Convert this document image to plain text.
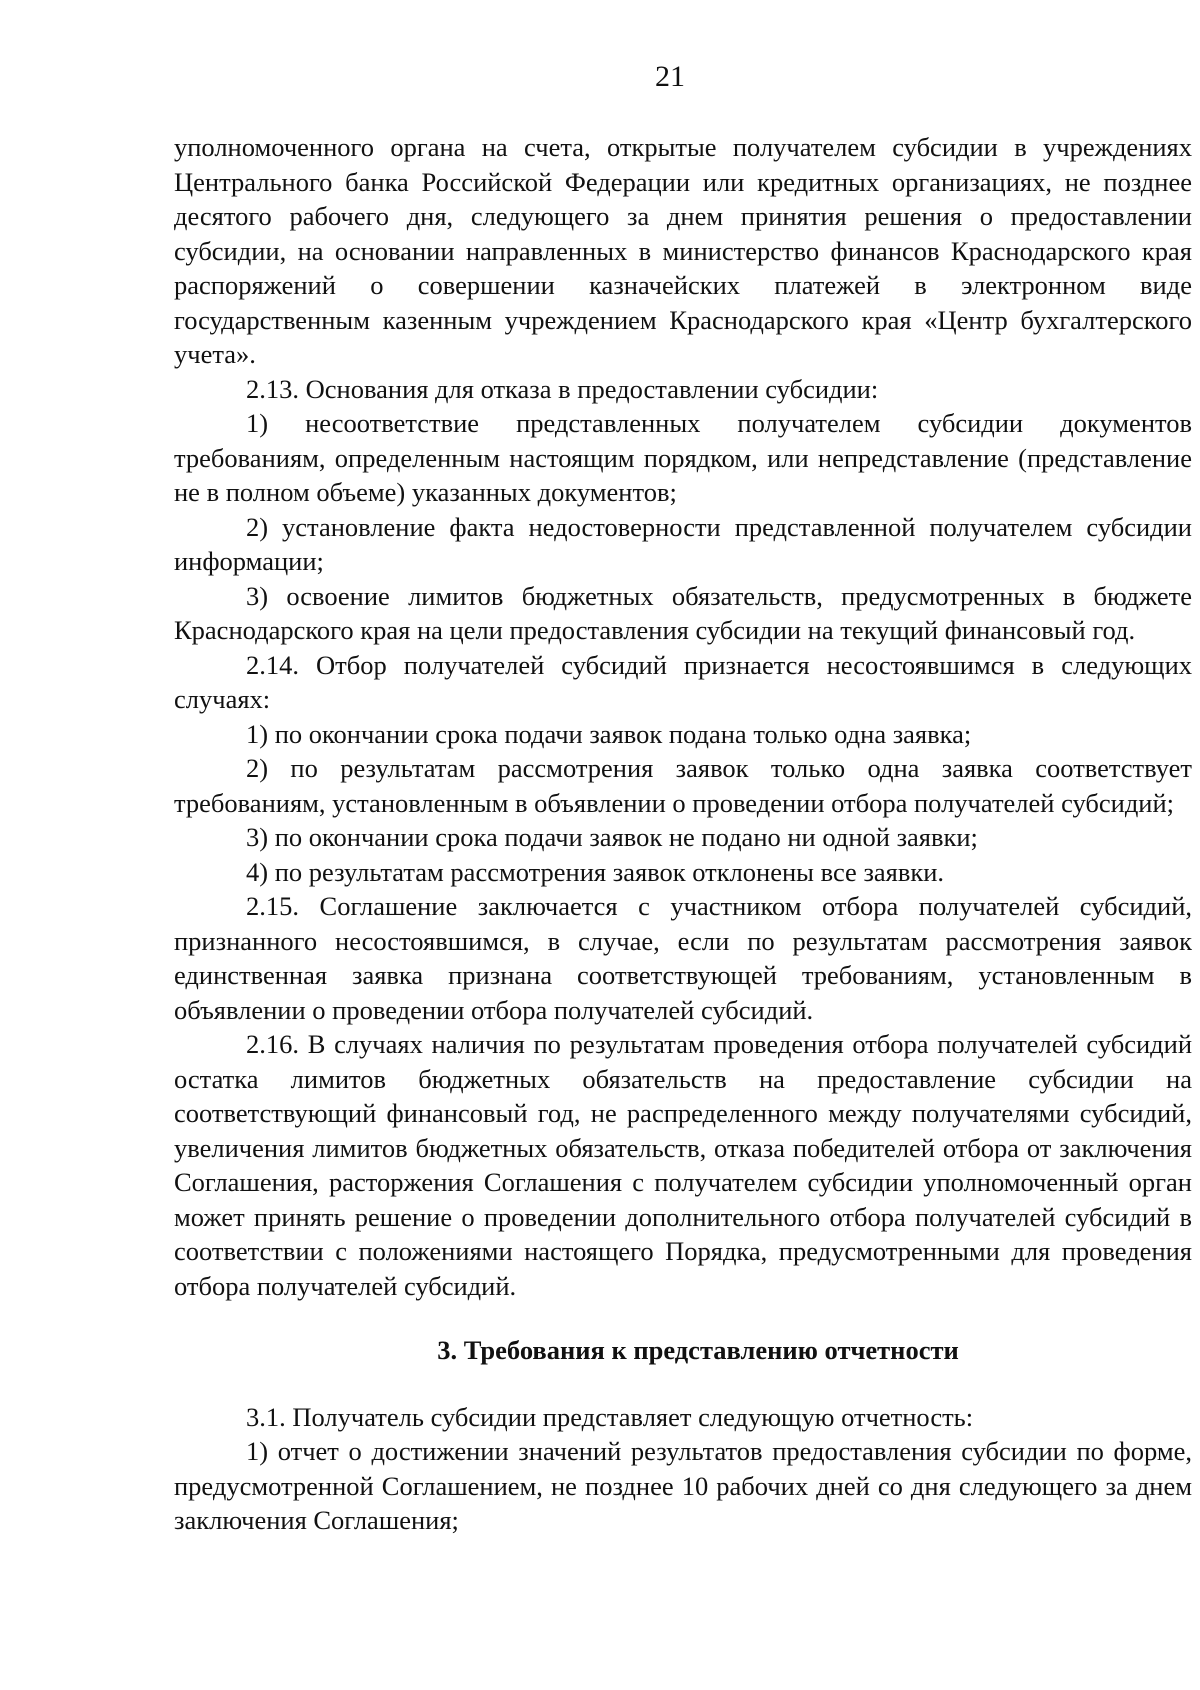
21

уполномоченного органа на счета, открытые получателем субсидии в учреждениях Центрального банка Российской Федерации или кредитных организациях, не позднее десятого рабочего дня, следующего за днем принятия решения о предоставлении субсидии, на основании направленных в министерство финансов Краснодарского края распоряжений о совершении казначейских платежей в электронном виде государственным казенным учреждением Краснодарского края «Центр бухгалтерского учета».

2.13. Основания для отказа в предоставлении субсидии:

1) несоответствие представленных получателем субсидии документов требованиям, определенным настоящим порядком, или непредставление (представление не в полном объеме) указанных документов;

2) установление факта недостоверности представленной получателем субсидии информации;

3) освоение лимитов бюджетных обязательств, предусмотренных в бюджете Краснодарского края на цели предоставления субсидии на текущий финансовый год.

2.14. Отбор получателей субсидий признается несостоявшимся в следующих случаях:

1) по окончании срока подачи заявок подана только одна заявка;

2) по результатам рассмотрения заявок только одна заявка соответствует требованиям, установленным в объявлении о проведении отбора получателей субсидий;

3) по окончании срока подачи заявок не подано ни одной заявки;

4) по результатам рассмотрения заявок отклонены все заявки.

2.15. Соглашение заключается с участником отбора получателей субсидий, признанного несостоявшимся, в случае, если по результатам рассмотрения заявок единственная заявка признана соответствующей требованиям, установленным в объявлении о проведении отбора получателей субсидий.

2.16. В случаях наличия по результатам проведения отбора получателей субсидий остатка лимитов бюджетных обязательств на предоставление субсидии на соответствующий финансовый год, не распределенного между получателями субсидий, увеличения лимитов бюджетных обязательств, отказа победителей отбора от заключения Соглашения, расторжения Соглашения с получателем субсидии уполномоченный орган может принять решение о проведении дополнительного отбора получателей субсидий в соответствии с положениями настоящего Порядка, предусмотренными для проведения отбора получателей субсидий.

3. Требования к представлению отчетности

3.1. Получатель субсидии представляет следующую отчетность:

1) отчет о достижении значений результатов предоставления субсидии по форме, предусмотренной Соглашением, не позднее 10 рабочих дней со дня следующего за днем заключения Соглашения;
